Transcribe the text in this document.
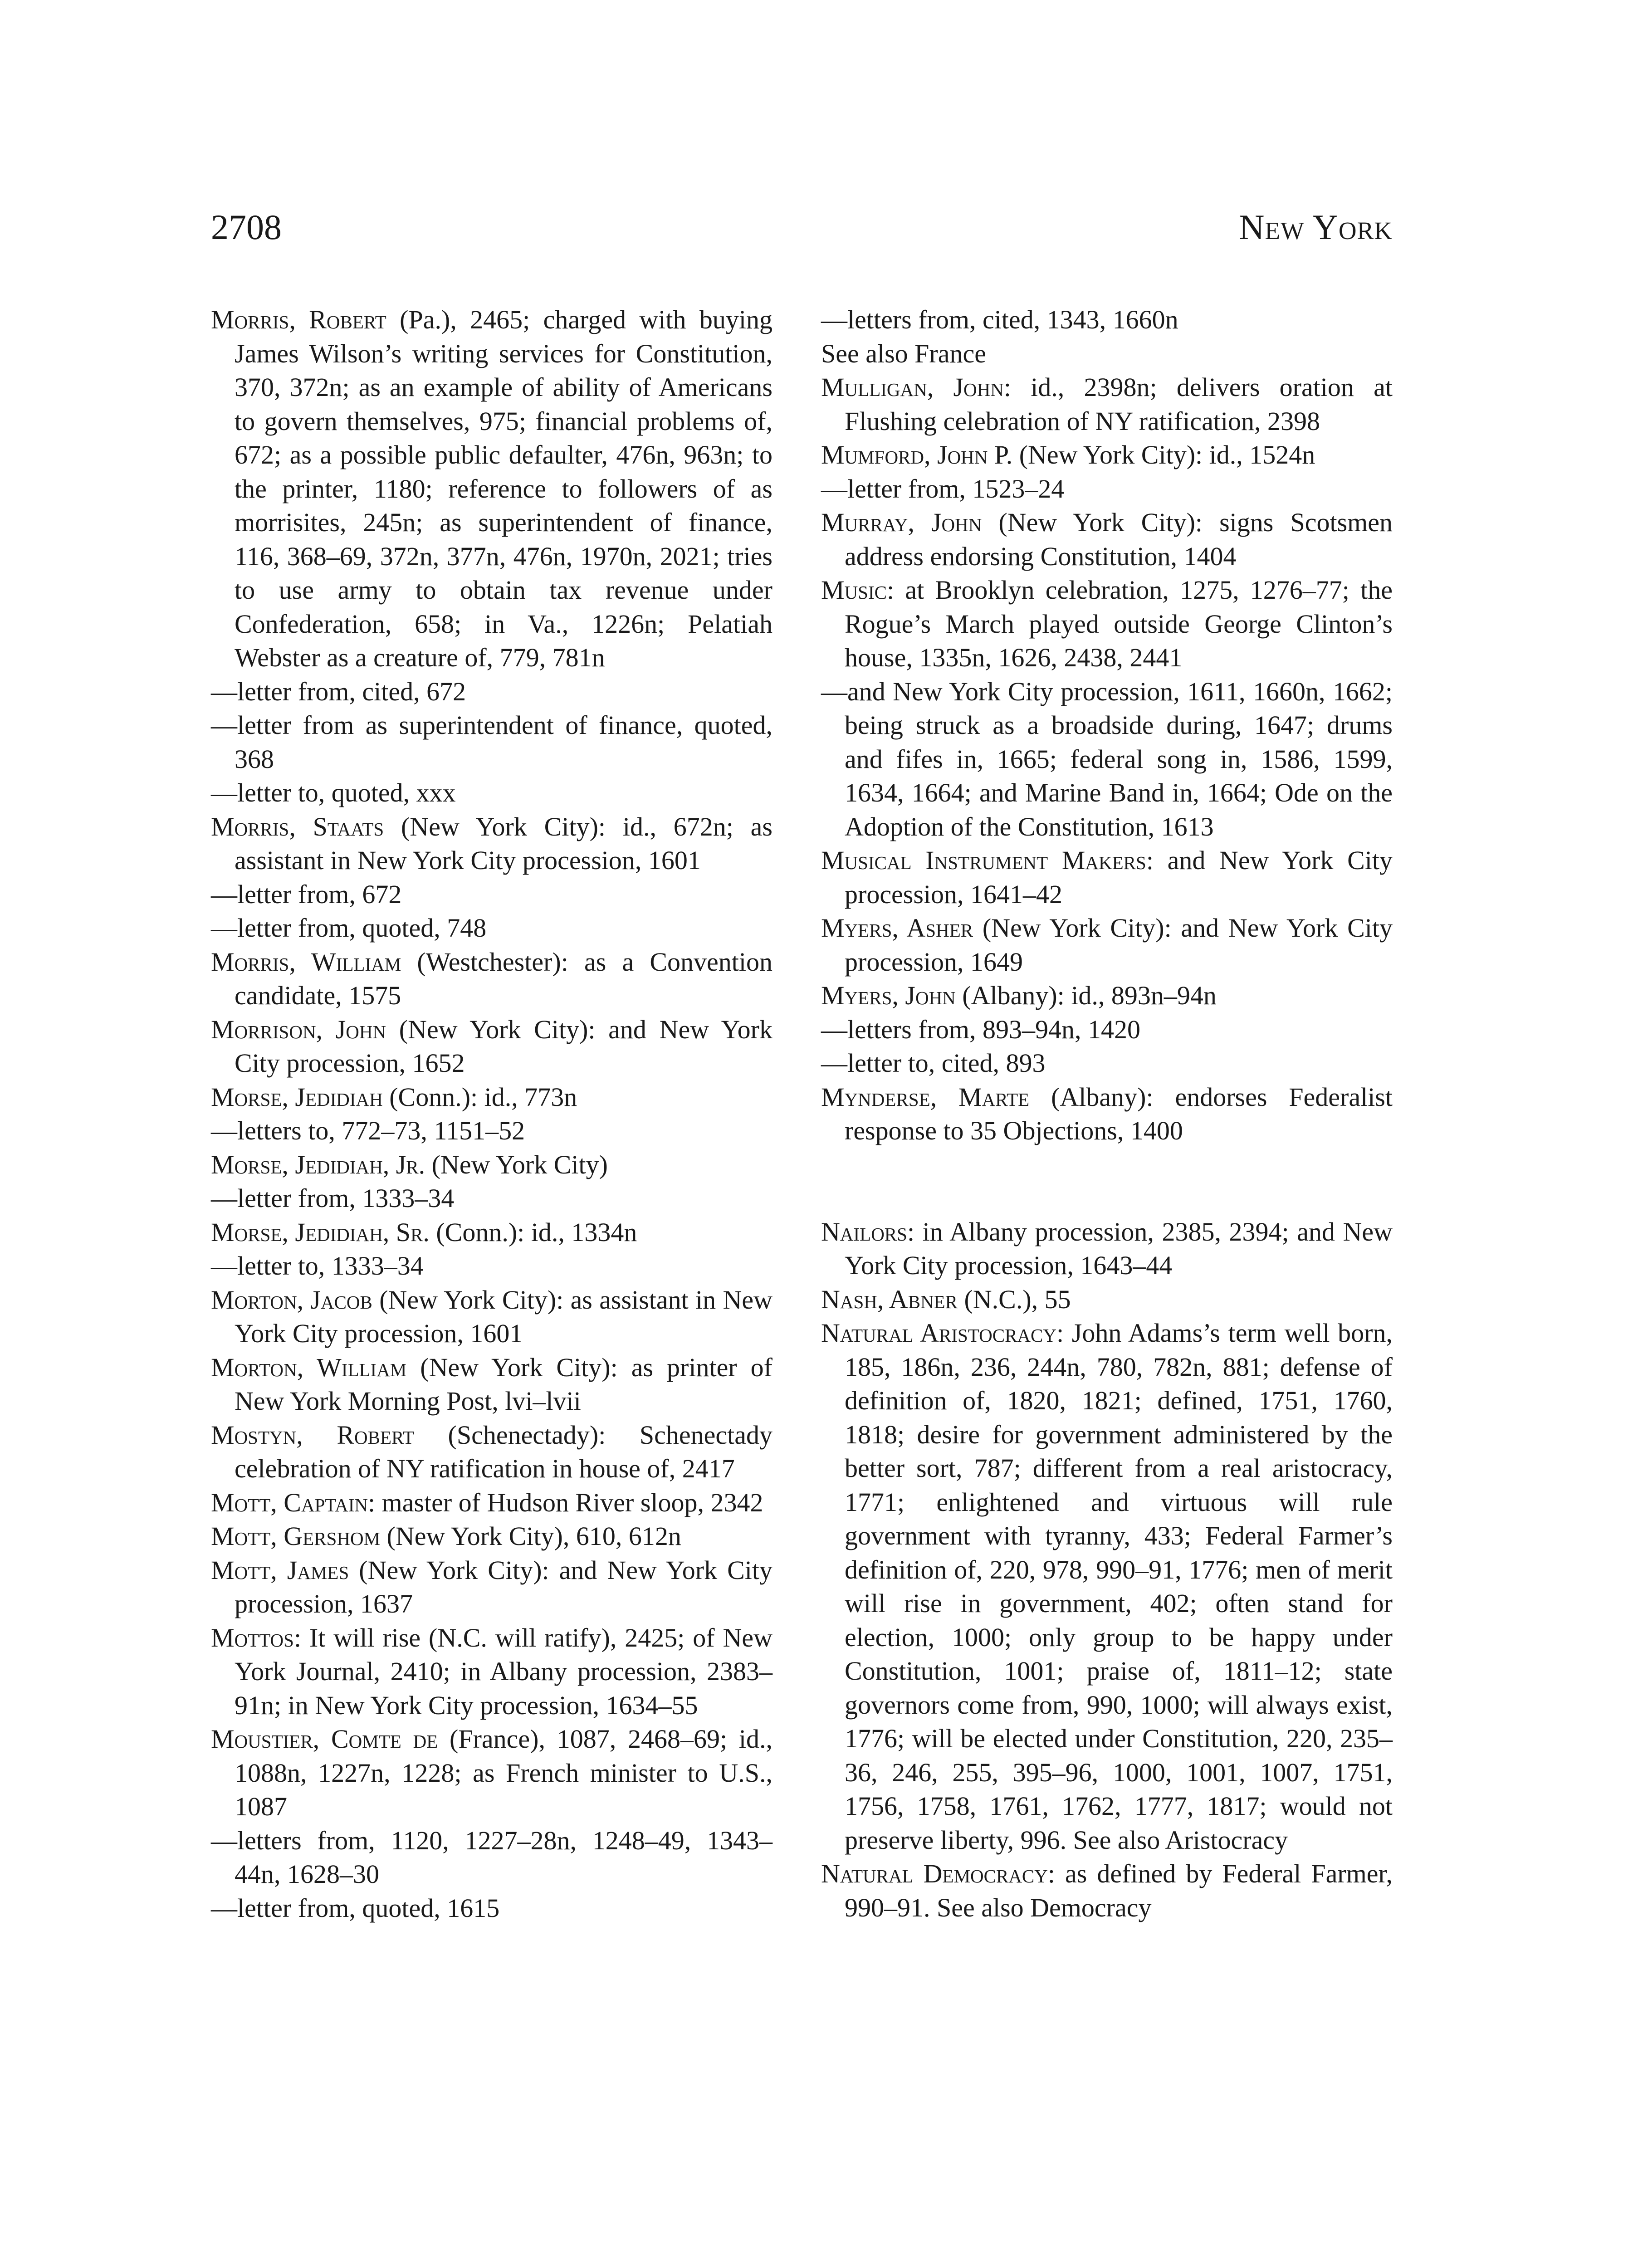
2708	New York
Morris, Robert (Pa.), 2465; charged with buying James Wilson’s writing services for Constitution, 370, 372n; as an example of ability of Americans to govern themselves, 975; financial problems of, 672; as a possible public defaulter, 476n, 963n; to the printer, 1180; reference to followers of as morrisites, 245n; as superintendent of finance, 116, 368–69, 372n, 377n, 476n, 1970n, 2021; tries to use army to obtain tax revenue under Confederation, 658; in Va., 1226n; Pelatiah Webster as a creature of, 779, 781n
—letter from, cited, 672
—letter from as superintendent of finance, quoted, 368
—letter to, quoted, xxx
Morris, Staats (New York City): id., 672n; as assistant in New York City procession, 1601
—letter from, 672
—letter from, quoted, 748
Morris, William (Westchester): as a Convention candidate, 1575
Morrison, John (New York City): and New York City procession, 1652
Morse, Jedidiah (Conn.): id., 773n
—letters to, 772–73, 1151–52
Morse, Jedidiah, Jr. (New York City)
—letter from, 1333–34
Morse, Jedidiah, Sr. (Conn.): id., 1334n
—letter to, 1333–34
Morton, Jacob (New York City): as assistant in New York City procession, 1601
Morton, William (New York City): as printer of New York Morning Post, lvi–lvii
Mostyn, Robert (Schenectady): Schenectady celebration of NY ratification in house of, 2417
Mott, Captain: master of Hudson River sloop, 2342
Mott, Gershom (New York City), 610, 612n
Mott, James (New York City): and New York City procession, 1637
Mottos: It will rise (N.C. will ratify), 2425; of New York Journal, 2410; in Albany procession, 2383–91n; in New York City procession, 1634–55
Moustier, Comte de (France), 1087, 2468–69; id., 1088n, 1227n, 1228; as French minister to U.S., 1087
—letters from, 1120, 1227–28n, 1248–49, 1343–44n, 1628–30
—letter from, quoted, 1615
—letters from, cited, 1343, 1660n
See also France
Mulligan, John: id., 2398n; delivers oration at Flushing celebration of NY ratification, 2398
Mumford, John P. (New York City): id., 1524n
—letter from, 1523–24
Murray, John (New York City): signs Scotsmen address endorsing Constitution, 1404
Music: at Brooklyn celebration, 1275, 1276–77; the Rogue’s March played outside George Clinton’s house, 1335n, 1626, 2438, 2441
—and New York City procession, 1611, 1660n, 1662; being struck as a broadside during, 1647; drums and fifes in, 1665; federal song in, 1586, 1599, 1634, 1664; and Marine Band in, 1664; Ode on the Adoption of the Constitution, 1613
Musical Instrument Makers: and New York City procession, 1641–42
Myers, Asher (New York City): and New York City procession, 1649
Myers, John (Albany): id., 893n–94n
—letters from, 893–94n, 1420
—letter to, cited, 893
Mynderse, Marte (Albany): endorses Federalist response to 35 Objections, 1400
Nailors: in Albany procession, 2385, 2394; and New York City procession, 1643–44
Nash, Abner (N.C.), 55
Natural Aristocracy: John Adams’s term well born, 185, 186n, 236, 244n, 780, 782n, 881; defense of definition of, 1820, 1821; defined, 1751, 1760, 1818; desire for government administered by the better sort, 787; different from a real aristocracy, 1771; enlightened and virtuous will rule government with tyranny, 433; Federal Farmer’s definition of, 220, 978, 990–91, 1776; men of merit will rise in government, 402; often stand for election, 1000; only group to be happy under Constitution, 1001; praise of, 1811–12; state governors come from, 990, 1000; will always exist, 1776; will be elected under Constitution, 220, 235–36, 246, 255, 395–96, 1000, 1001, 1007, 1751, 1756, 1758, 1761, 1762, 1777, 1817; would not preserve liberty, 996. See also Aristocracy
Natural Democracy: as defined by Federal Farmer, 990–91. See also Democracy
